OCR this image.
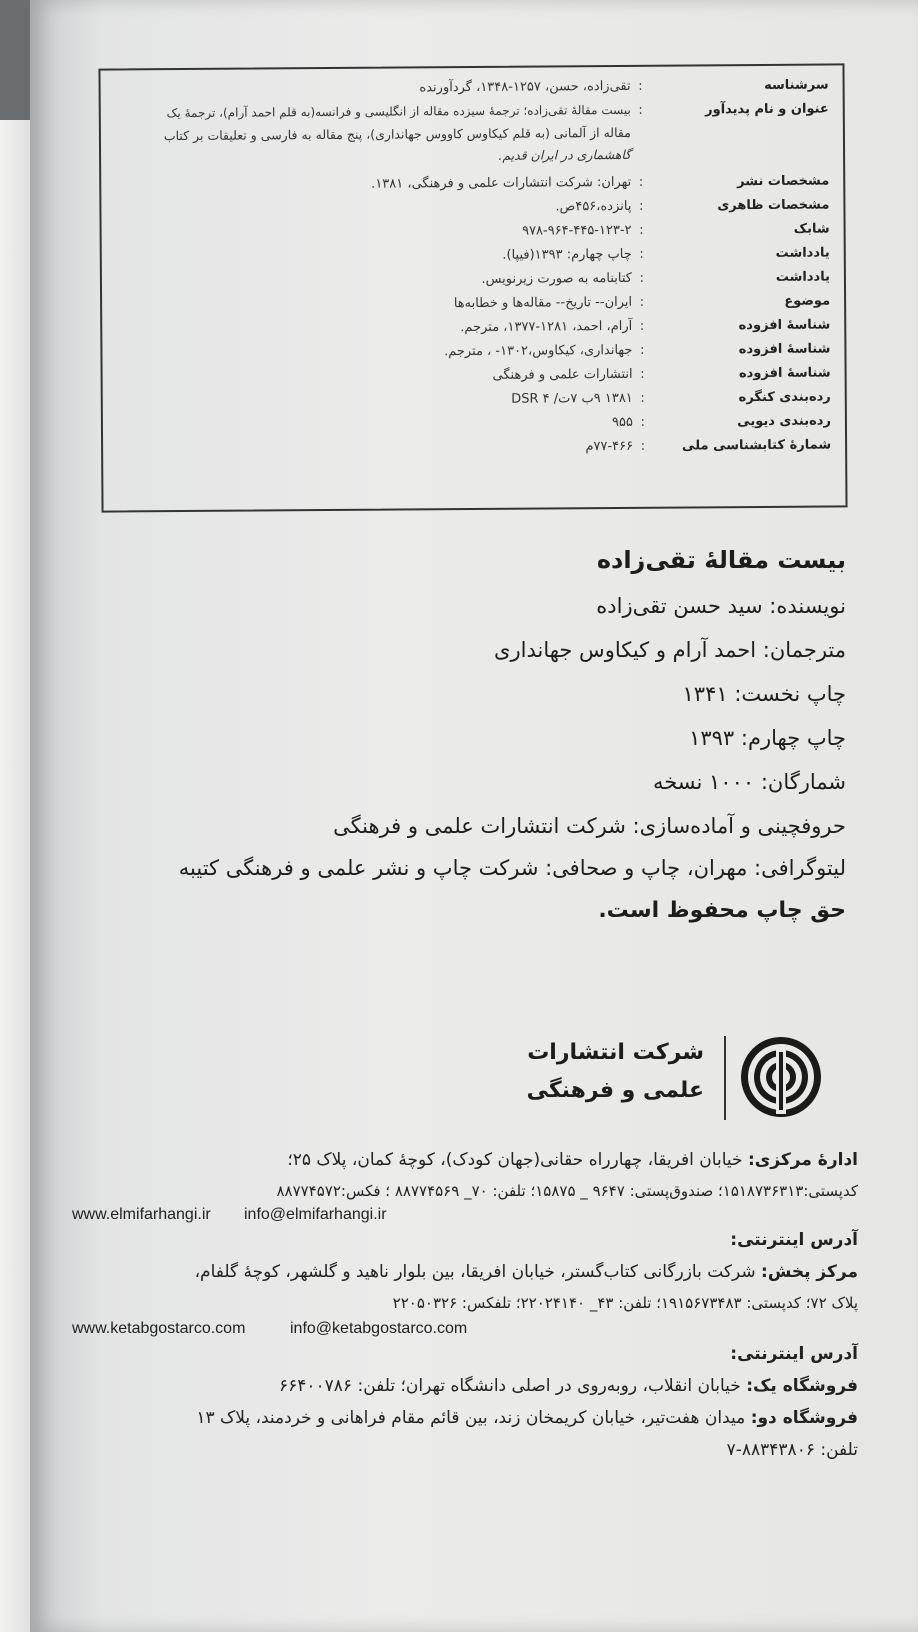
سرشناسه
:
تقی‌زاده، حسن، ۱۲۵۷-۱۳۴۸، گردآورنده
عنوان و نام پدیدآور
:
بیست مقالهٔ تقی‌زاده؛ ترجمهٔ سیزده مقاله از انگلیسی و فرانسه(به قلم احمد آرام)، ترجمهٔ یک
مقاله از آلمانی (به قلم کیکاوس کاووس جهانداری)، پنج مقاله به فارسی و تعلیقات بر کتاب
گاهشماری در ایران قدیم.
مشخصات نشر
:
تهران: شرکت انتشارات علمی و فرهنگی، ۱۳۸۱.
مشخصات ظاهری
:
پانزده،۴۵۶ص.
شابک
:
۹۷۸-۹۶۴-۴۴۵-۱۲۳-۲
یادداشت
:
چاپ چهارم: ۱۳۹۳(فیپا).
یادداشت
:
کتابنامه به صورت زیرنویس.
موضوع
:
ایران-- تاریخ-- مقاله‌ها و خطابه‌ها
شناسهٔ افزوده
:
آرام، احمد، ۱۲۸۱-۱۳۷۷، مترجم.
شناسهٔ افزوده
:
جهانداری، کیکاوس،۱۳۰۲- ، مترجم.
شناسهٔ افزوده
:
انتشارات علمی و فرهنگی
رده‌بندی کنگره
:
۱۳۸۱ ۹ب ۷ت/ DSR ۴
رده‌بندی دیویی
:
۹۵۵
شمارهٔ کتابشناسی ملی
:
۷۷-۴۶۶م
بیست مقالهٔ تقی‌زاده
نویسنده: سید حسن تقی‌زاده
مترجمان: احمد آرام و کیکاوس جهانداری
چاپ نخست: ۱۳۴۱
چاپ چهارم: ۱۳۹۳
شمارگان: ۱۰۰۰ نسخه
حروفچینی و آماده‌سازی: شرکت انتشارات علمی و فرهنگی
لیتوگرافی: مهران، چاپ و صحافی: شرکت چاپ و نشر علمی و فرهنگی کتیبه
حق چاپ محفوظ است.
شرکت انتشارات
علمی و فرهنگی
ادارهٔ مرکزی: خیابان افریقا، چهارراه حقانی(جهان کودک)، کوچهٔ کمان، پلاک ۲۵؛
کدپستی:۱۵۱۸۷۳۶۳۱۳؛ صندوق‌پستی: ۹۶۴۷ _ ۱۵۸۷۵؛ تلفن: ۷۰_ ۸۸۷۷۴۵۶۹ ؛ فکس:۸۸۷۷۴۵۷۲
www.elmifarhangi.ir info@elmifarhangi.ir
آدرس اینترنتی:
مرکز پخش: شرکت بازرگانی کتاب‌گستر، خیابان افریقا، بین بلوار ناهید و گلشهر، کوچهٔ گلفام،
پلاک ۷۲؛ کدپستی: ۱۹۱۵۶۷۳۴۸۳؛ تلفن: ۴۳_ ۲۲۰۲۴۱۴۰؛ تلفکس: ۲۲۰۵۰۳۲۶
www.ketabgostarco.com	info@ketabgostarco.com
آدرس اینترنتی:
فروشگاه یک: خیابان انقلاب، روبه‌روی در اصلی دانشگاه تهران؛ تلفن: ۶۶۴۰۰۷۸۶
فروشگاه دو: میدان هفت‌تیر، خیابان کریمخان زند، بین قائم مقام فراهانی و خردمند، پلاک ۱۳
تلفن: ۸۸۳۴۳۸۰۶-۷
